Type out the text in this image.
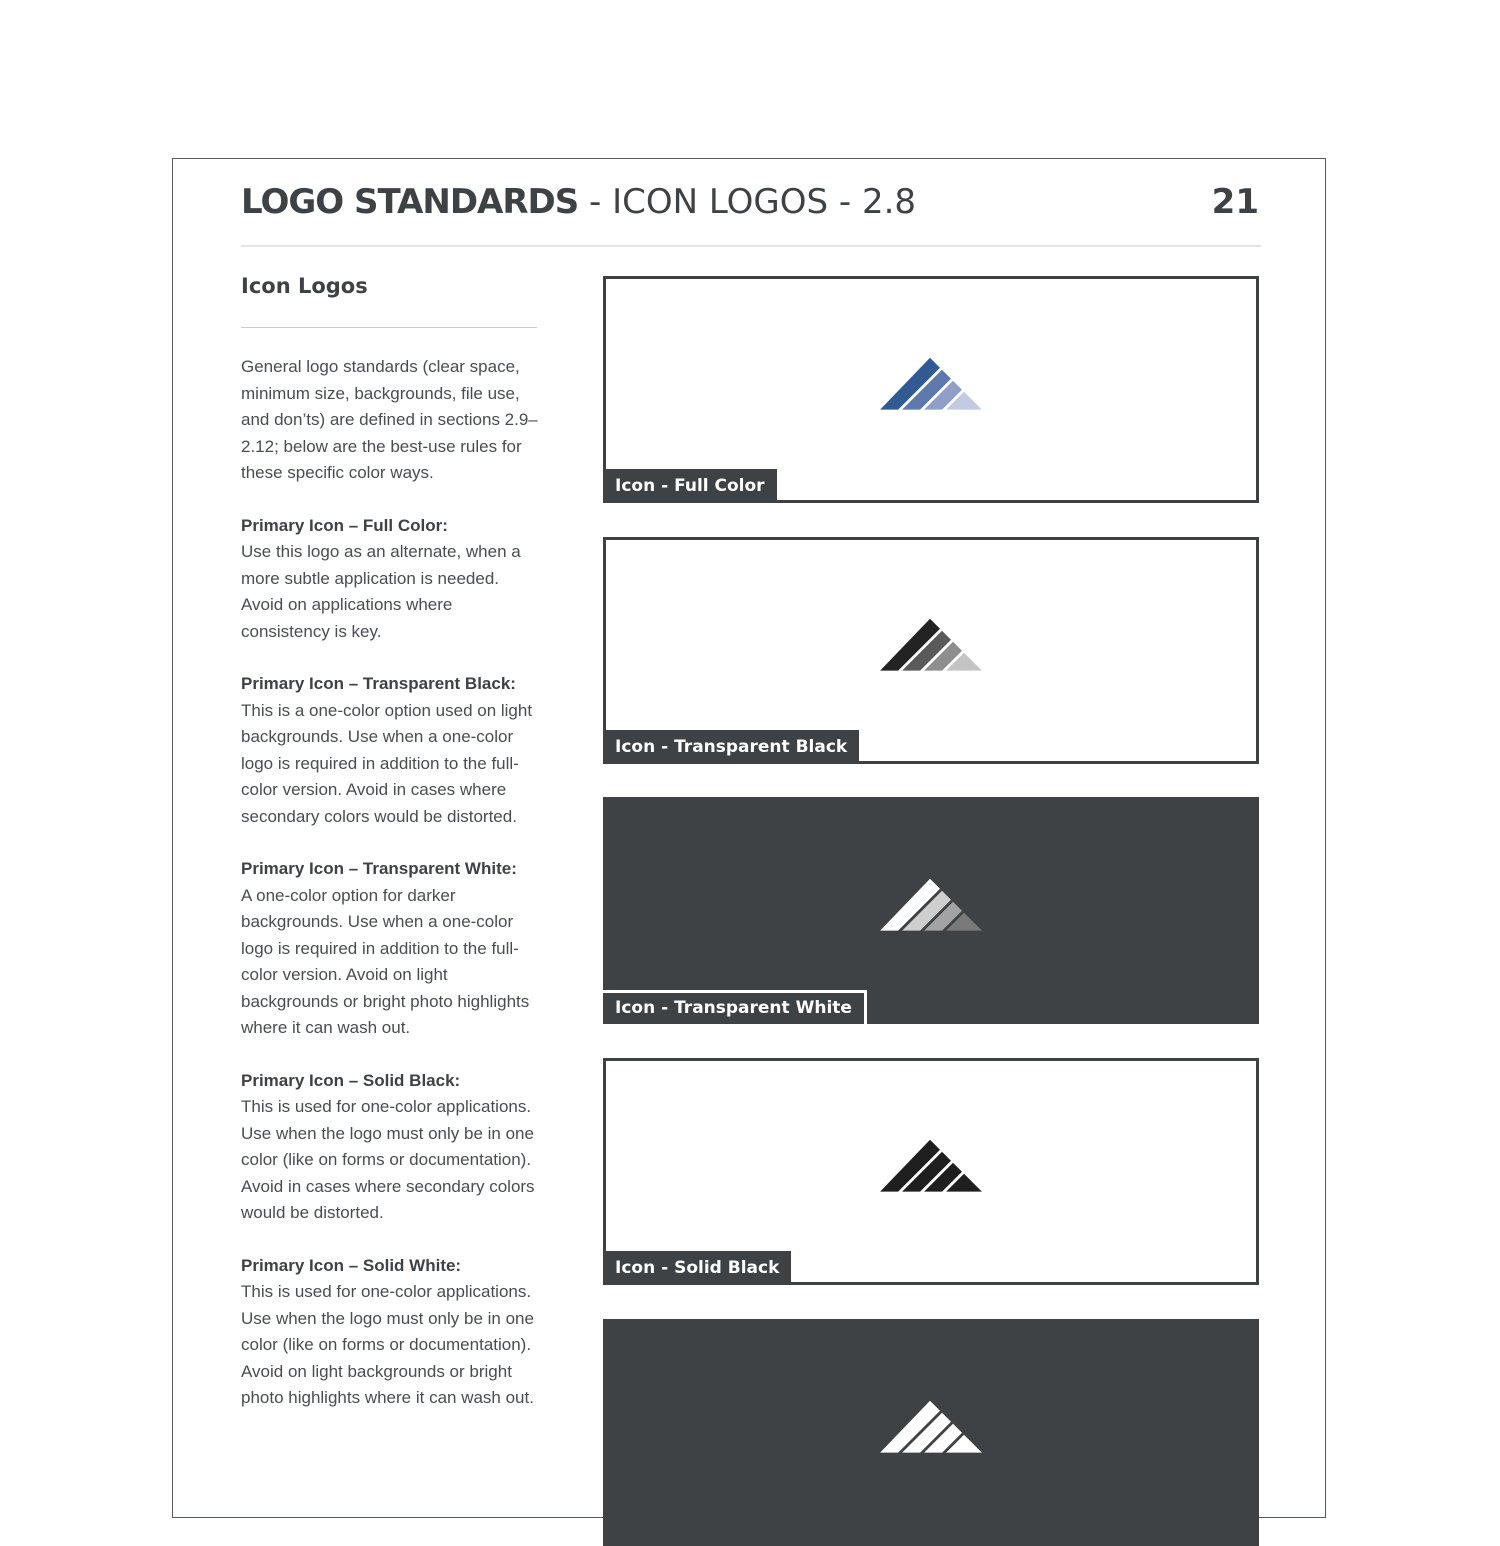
LOGO STANDARDS - ICON LOGOS - 2.8	21
Icon Logos

General logo standards (clear space, minimum size, backgrounds, file use, and don’ts) are defined in sections 2.9–2.12; below are the best-use rules for these specific color ways.

Primary Icon – Full Color:
Use this logo as an alternate, when a more subtle application is needed. Avoid on applications where consistency is key.

Primary Icon – Transparent Black:
This is a one-color option used on light backgrounds. Use when a one-color logo is required in addition to the full-color version. Avoid in cases where secondary colors would be distorted.

Primary Icon – Transparent White:
A one-color option for darker backgrounds. Use when a one-color logo is required in addition to the full-color version. Avoid on light backgrounds or bright photo highlights where it can wash out.

Primary Icon – Solid Black:
This is used for one-color applications. Use when the logo must only be in one color (like on forms or documentation). Avoid in cases where secondary colors would be distorted.

Primary Icon – Solid White:
This is used for one-color applications. Use when the logo must only be in one color (like on forms or documentation). Avoid on light backgrounds or bright photo highlights where it can wash out.

Icon - Full Color
Icon - Transparent Black
Icon - Transparent White
Icon - Solid Black
